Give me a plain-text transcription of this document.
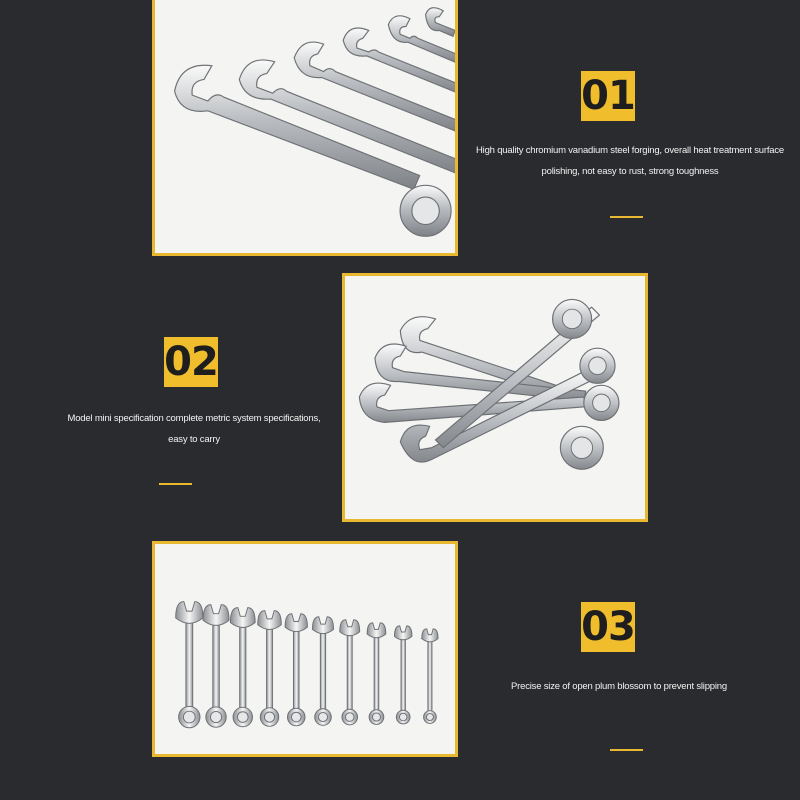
01
High quality chromium vanadium steel forging, overall heat treatment surface
polishing, not easy to rust, strong toughness
02
Model mini specification complete metric system specifications,
easy to carry
03
Precise size of open plum blossom to prevent slipping
